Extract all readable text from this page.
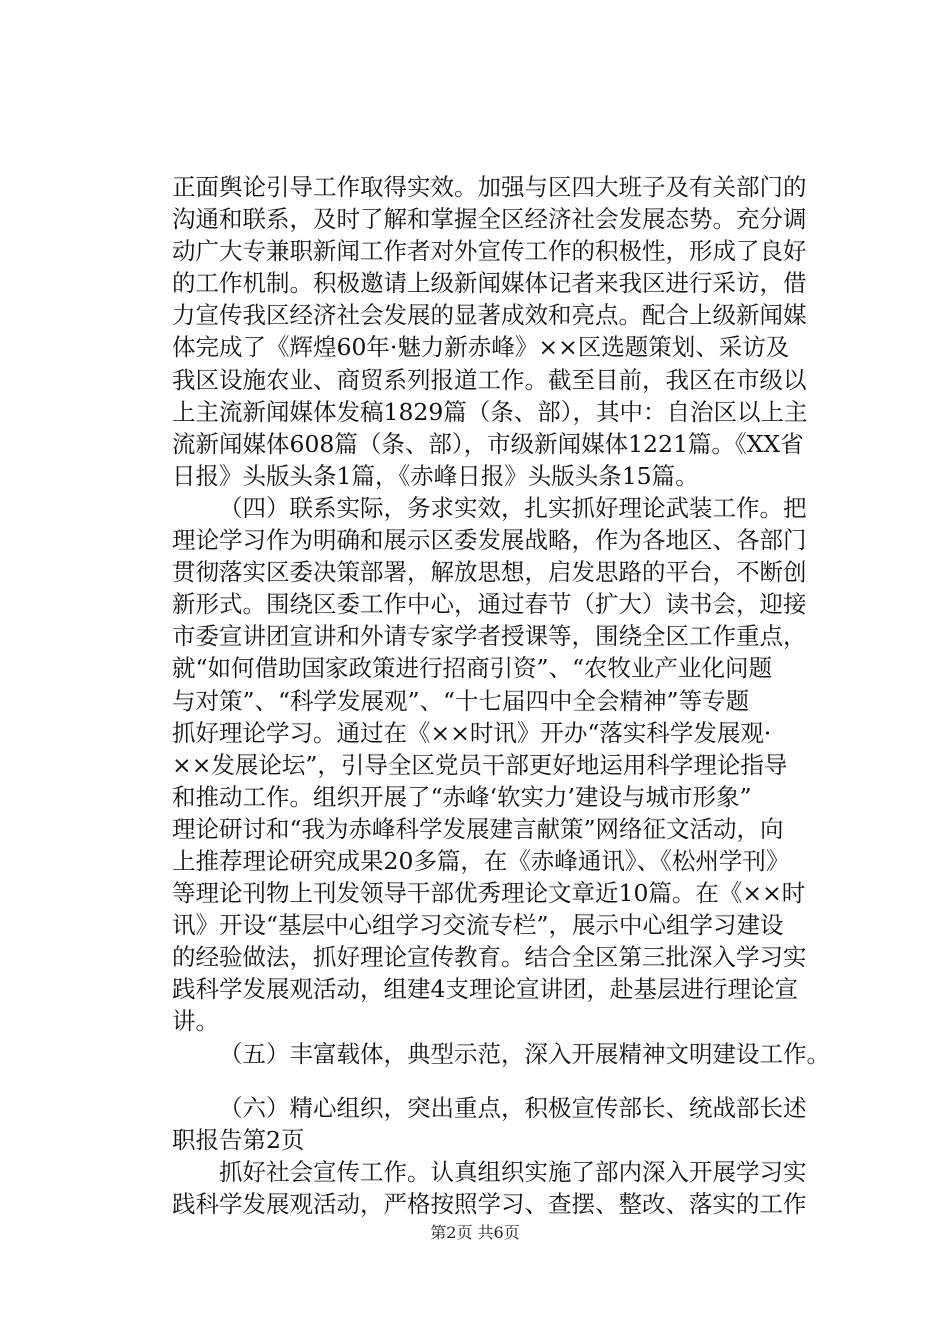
正面舆论引导工作取得实效。加强与区四大班子及有关部门的
沟通和联系，及时了解和掌握全区经济社会发展态势。充分调
动广大专兼职新闻工作者对外宣传工作的积极性，形成了良好
的工作机制。积极邀请上级新闻媒体记者来我区进行采访，借
力宣传我区经济社会发展的显著成效和亮点。配合上级新闻媒
体完成了《辉煌60年·魅力新赤峰》××区选题策划、采访及
我区设施农业、商贸系列报道工作。截至目前，我区在市级以
上主流新闻媒体发稿1829篇（条、部），其中：自治区以上主
流新闻媒体608篇（条、部），市级新闻媒体1221篇。《XX省
日报》头版头条1篇，《赤峰日报》头版头条15篇。
（四）联系实际，务求实效，扎实抓好理论武装工作。把
理论学习作为明确和展示区委发展战略，作为各地区、各部门
贯彻落实区委决策部署，解放思想，启发思路的平台，不断创
新形式。围绕区委工作中心，通过春节（扩大）读书会，迎接
市委宣讲团宣讲和外请专家学者授课等，围绕全区工作重点，
就“如何借助国家政策进行招商引资”、“农牧业产业化问题
与对策”、“科学发展观”、“十七届四中全会精神”等专题
抓好理论学习。通过在《××时讯》开办“落实科学发展观·
××发展论坛”，引导全区党员干部更好地运用科学理论指导
和推动工作。组织开展了“赤峰‘软实力’建设与城市形象”
理论研讨和“我为赤峰科学发展建言献策”网络征文活动，向
上推荐理论研究成果20多篇，在《赤峰通讯》、《松州学刊》
等理论刊物上刊发领导干部优秀理论文章近10篇。在《××时
讯》开设“基层中心组学习交流专栏”，展示中心组学习建设
的经验做法，抓好理论宣传教育。结合全区第三批深入学习实
践科学发展观活动，组建4支理论宣讲团，赴基层进行理论宣
讲。
（五）丰富载体，典型示范，深入开展精神文明建设工作。
（六）精心组织，突出重点，积极宣传部长、统战部长述
职报告第2页
抓好社会宣传工作。认真组织实施了部内深入开展学习实
践科学发展观活动，严格按照学习、查摆、整改、落实的工作
第2页 共6页
